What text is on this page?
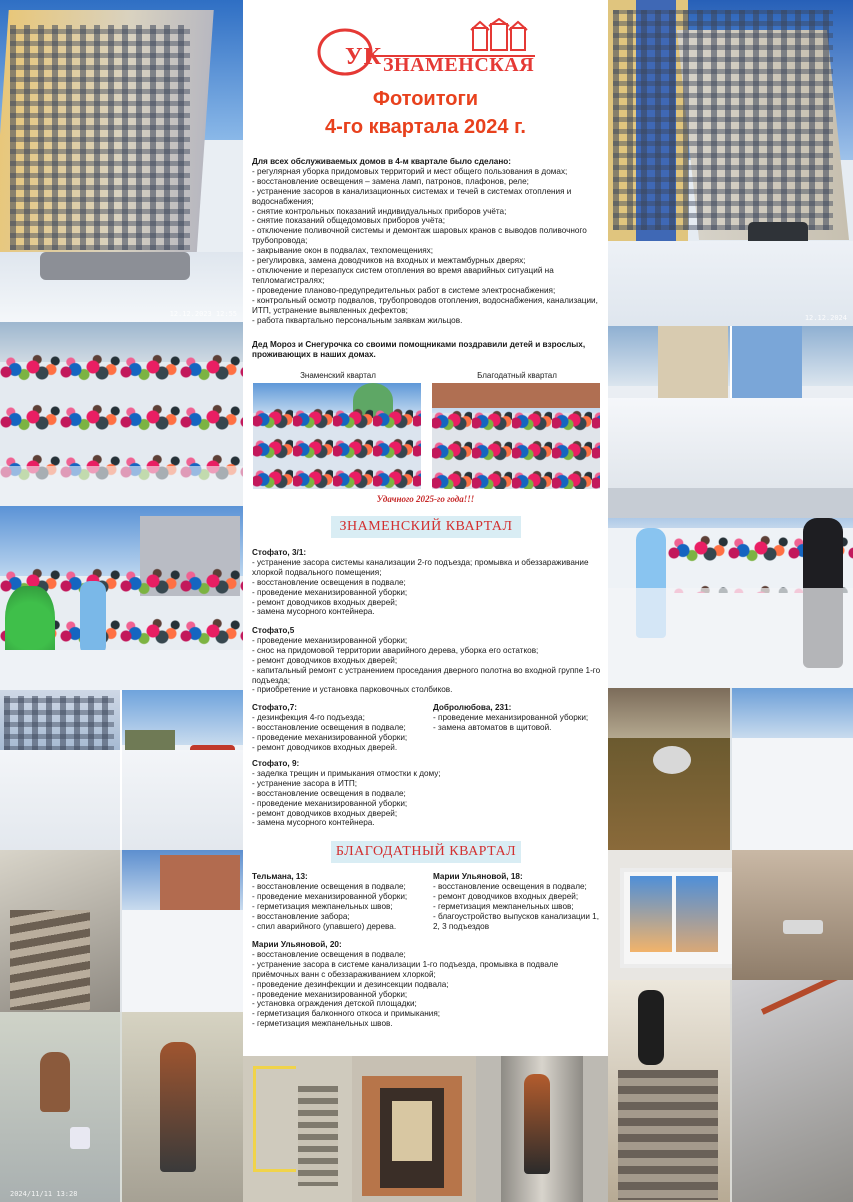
12.12.2023 12:55
2024/11/11 13:28
12.12.2024
УК ЗНАМЕНСКАЯ
Фотоитоги
4-го квартала 2024 г.
Для всех обслуживаемых домов в 4-м квартале было сделано:
- регулярная уборка придомовых территорий и мест общего пользования в домах;
- восстановление освещения – замена ламп, патронов, плафонов, реле;
- устранение засоров в канализационных системах и течей в системах отопления и водоснабжения;
- снятие контрольных показаний индивидуальных приборов учёта;
- снятие показаний общедомовых приборов учёта;
- отключение поливочной системы и демонтаж шаровых кранов с выводов поливочного трубопровода;
- закрывание окон в подвалах, техпомещениях;
- регулировка, замена доводчиков на входных и межтамбурных дверях;
- отключение и перезапуск систем отопления во время аварийных ситуаций на тепломагистралях;
- проведение планово-предупредительных работ в системе электроснабжения;
- контрольный осмотр подвалов, трубопроводов отопления, водоснабжения, канализации, ИТП, устранение выявленных дефектов;
- работа пквартально персональным заявкам жильцов.
Дед Мороз и Снегурочка со своими помощниками поздравили детей и взрослых, проживающих в наших домах.
Знаменский квартал	Благодатный квартал
Удачного 2025-го года!!!
ЗНАМЕНСКИЙ КВАРТАЛ
Стофато, 3/1:
- устранение засора системы канализации 2-го подъезда; промывка и обеззараживание хлоркой подвального помещения;
- восстановление освещения в подвале;
- проведение механизированной уборки;
- ремонт доводчиков входных дверей;
- замена мусорного контейнера.
Стофато,5
- проведение механизированной уборки;
- снос на придомовой территории аварийного дерева, уборка его остатков;
- ремонт доводчиков входных дверей;
- капитальный ремонт с устранением проседания дверного полотна во входной группе 1-го подъезда;
- приобретение и установка парковочных столбиков.
Стофато,7:
- дезинфекция 4-го подъезда;
- восстановление освещения в подвале;
- проведение механизированной уборки;
- ремонт доводчиков входных дверей.
Добролюбова, 231:
- проведение механизированной уборки;
- замена автоматов в щитовой.
Стофато, 9:
- заделка трещин и примыкания отмостки к дому;
- устранение засора в ИТП;
- восстановление освещения в подвале;
- проведение механизированной уборки;
- ремонт доводчиков входных дверей;
- замена мусорного контейнера.
БЛАГОДАТНЫЙ КВАРТАЛ
Тельмана, 13:
- восстановление освещения в подвале;
- проведение механизированной уборки;
- герметизация межпанельных швов;
- восстановление забора;
- спил аварийного (упавшего) дерева.
Марии Ульяновой, 18:
- восстановление освещения в подвале;
- ремонт доводчиков входных дверей;
- герметизация межпанельных швов;
- благоустройство выпусков канализации 1, 2, 3 подъездов
Марии Ульяновой, 20:
- восстановление освещения в подвале;
- устранение засора в системе канализации 1-го подъезда, промывка в подвале приёмочных ванн с обеззараживанием хлоркой;
- проведение дезинфекции и дезинсекции подвала;
- проведение механизированной уборки;
- установка ограждения детской площадки;
- герметизация балконного откоса и примыкания;
- герметизация межпанельных швов.
